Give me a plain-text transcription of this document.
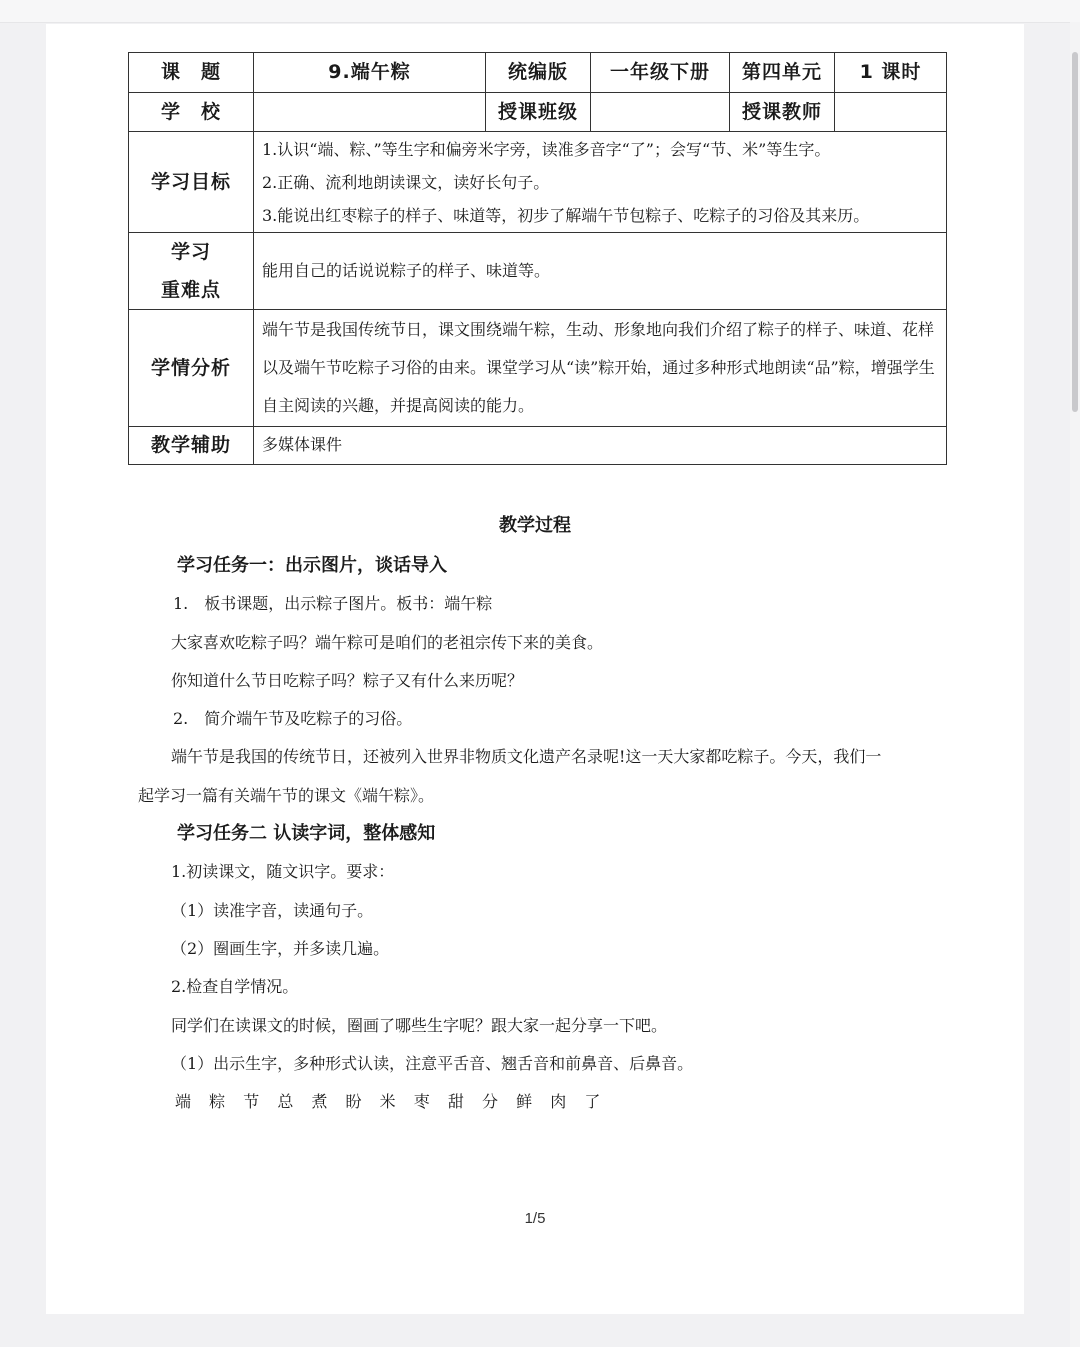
课　题	9.端午粽	统编版	一年级下册	第四单元	1 课时
学　校		授课班级		授课教师	
学习目标	1.认识“端、粽、”等生字和偏旁米字旁，读准多音字“了”；会写“节、米”等生字。

2.正确、流利地朗读课文，读好长句子。

3.能说出红枣粽子的样子、味道等，初步了解端午节包粽子、吃粽子的习俗及其来历。				

学习
重难点	能用自己的话说说粽子的样子、味道等。				
学情分析	端午节是我国传统节日，课文围绕端午粽，生动、形象地向我们介绍了粽子的样子、味道、花样以及端午节吃粽子习俗的由来。课堂学习从“读”粽开始，通过多种形式地朗读“品”粽，增强学生自主阅读的兴趣，并提高阅读的能力。				
教学辅助	多媒体课件				
教学过程
学习任务一：出示图片，谈话导入
1.　板书课题，出示粽子图片。板书：端午粽
大家喜欢吃粽子吗？端午粽可是咱们的老祖宗传下来的美食。
你知道什么节日吃粽子吗？粽子又有什么来历呢？
2.　简介端午节及吃粽子的习俗。
端午节是我国的传统节日，还被列入世界非物质文化遗产名录呢!这一天大家都吃粽子。今天，我们一
起学习一篇有关端午节的课文《端午粽》。
学习任务二 认读字词，整体感知
1.初读课文，随文识字。要求：
（1）读准字音，读通句子。
（2）圈画生字，并多读几遍。
2.检查自学情况。
同学们在读课文的时候，圈画了哪些生字呢？跟大家一起分享一下吧。
（1）出示生字，多种形式认读，注意平舌音、翘舌音和前鼻音、后鼻音。
端 粽 节 总 煮 盼 米 枣 甜 分 鲜 肉 了
1/5
